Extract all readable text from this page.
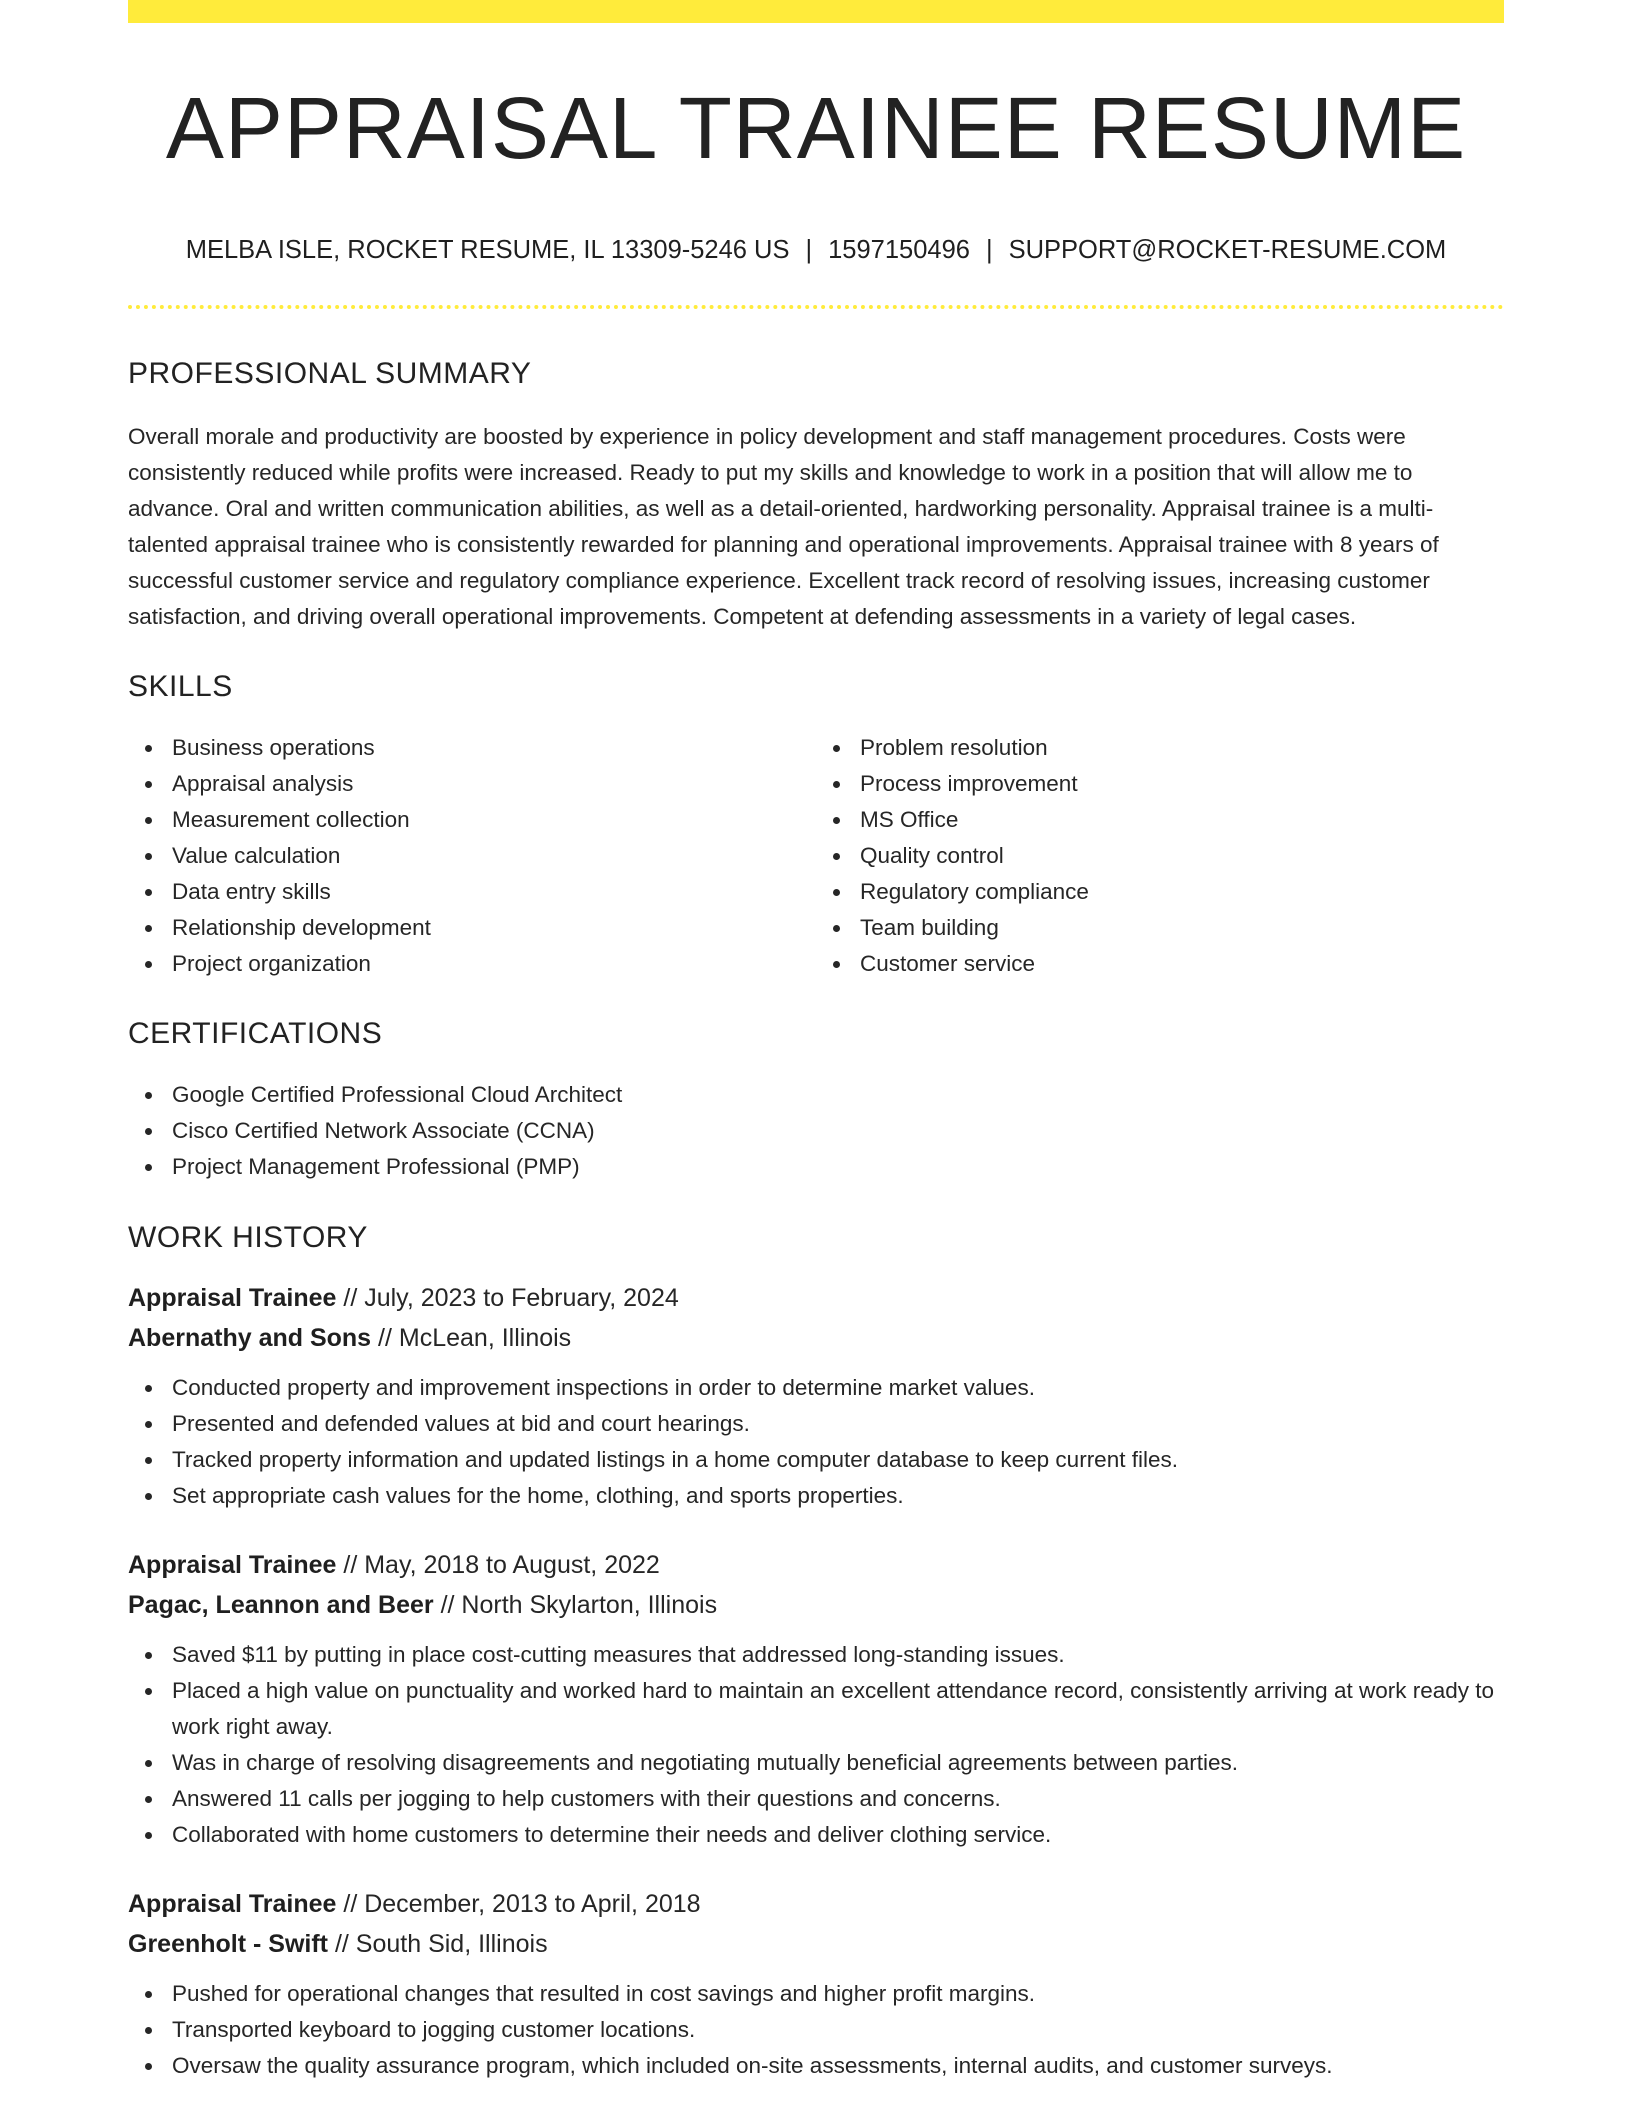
APPRAISAL TRAINEE RESUME
MELBA ISLE, ROCKET RESUME, IL 13309-5246 US | 1597150496 | SUPPORT@ROCKET-RESUME.COM
PROFESSIONAL SUMMARY

Overall morale and productivity are boosted by experience in policy development and staff management procedures. Costs were consistently reduced while profits were increased. Ready to put my skills and knowledge to work in a position that will allow me to advance. Oral and written communication abilities, as well as a detail-oriented, hardworking personality. Appraisal trainee is a multi-talented appraisal trainee who is consistently rewarded for planning and operational improvements. Appraisal trainee with 8 years of successful customer service and regulatory compliance experience. Excellent track record of resolving issues, increasing customer satisfaction, and driving overall operational improvements. Competent at defending assessments in a variety of legal cases.

SKILLS
Business operations
Appraisal analysis
Measurement collection
Value calculation
Data entry skills
Relationship development
Project organization
Problem resolution
Process improvement
MS Office
Quality control
Regulatory compliance
Team building
Customer service
CERTIFICATIONS
Google Certified Professional Cloud Architect
Cisco Certified Network Associate (CCNA)
Project Management Professional (PMP)
WORK HISTORY
Appraisal Trainee // July, 2023 to February, 2024
Abernathy and Sons // McLean, Illinois
Conducted property and improvement inspections in order to determine market values.
Presented and defended values at bid and court hearings.
Tracked property information and updated listings in a home computer database to keep current files.
Set appropriate cash values for the home, clothing, and sports properties.
Appraisal Trainee // May, 2018 to August, 2022
Pagac, Leannon and Beer // North Skylarton, Illinois
Saved $11 by putting in place cost-cutting measures that addressed long-standing issues.
Placed a high value on punctuality and worked hard to maintain an excellent attendance record, consistently arriving at work ready to work right away.
Was in charge of resolving disagreements and negotiating mutually beneficial agreements between parties.
Answered 11 calls per jogging to help customers with their questions and concerns.
Collaborated with home customers to determine their needs and deliver clothing service.
Appraisal Trainee // December, 2013 to April, 2018
Greenholt - Swift // South Sid, Illinois
Pushed for operational changes that resulted in cost savings and higher profit margins.
Transported keyboard to jogging customer locations.
Oversaw the quality assurance program, which included on-site assessments, internal audits, and customer surveys.
